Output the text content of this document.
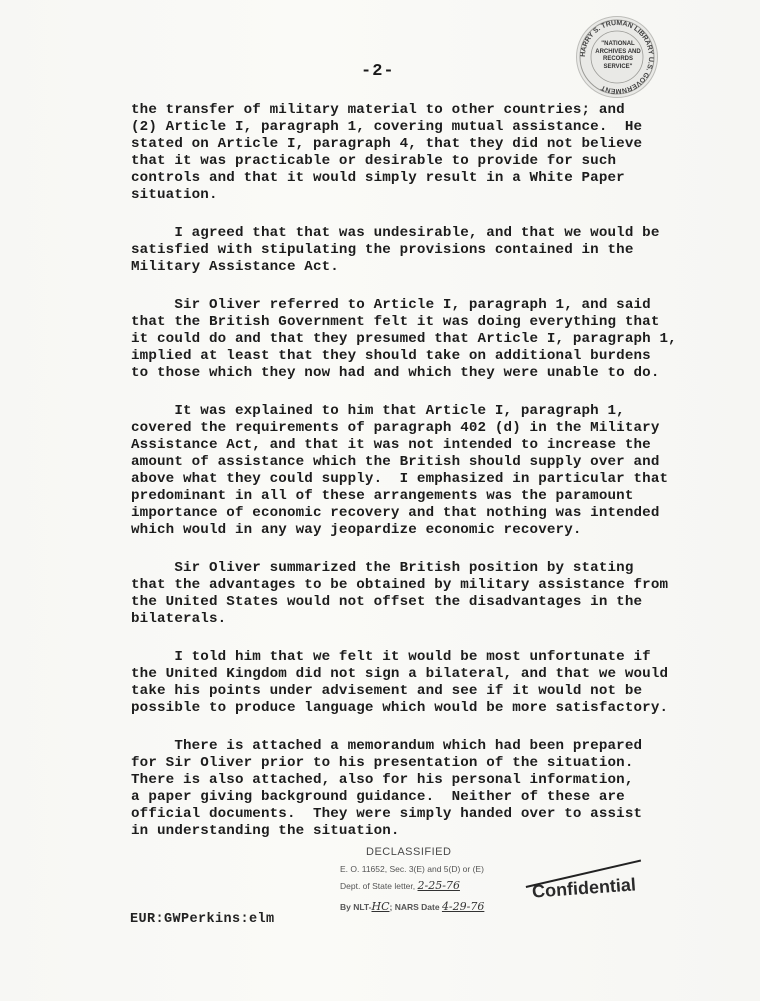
HARRY S. TRUMAN LIBRARY U.S. GOVERNMENT
"NATIONAL
ARCHIVES AND
RECORDS
SERVICE"
-2-
the transfer of military material to other countries; and
(2) Article I, paragraph 1, covering mutual assistance.  He
stated on Article I, paragraph 4, that they did not believe
that it was practicable or desirable to provide for such
controls and that it would simply result in a White Paper
situation.
I agreed that that was undesirable, and that we would be
satisfied with stipulating the provisions contained in the
Military Assistance Act.
Sir Oliver referred to Article I, paragraph 1, and said
that the British Government felt it was doing everything that
it could do and that they presumed that Article I, paragraph 1,
implied at least that they should take on additional burdens
to those which they now had and which they were unable to do.
It was explained to him that Article I, paragraph 1,
covered the requirements of paragraph 402 (d) in the Military
Assistance Act, and that it was not intended to increase the
amount of assistance which the British should supply over and
above what they could supply.  I emphasized in particular that
predominant in all of these arrangements was the paramount
importance of economic recovery and that nothing was intended
which would in any way jeopardize economic recovery.
Sir Oliver summarized the British position by stating
that the advantages to be obtained by military assistance from
the United States would not offset the disadvantages in the
bilaterals.
I told him that we felt it would be most unfortunate if
the United Kingdom did not sign a bilateral, and that we would
take his points under advisement and see if it would not be
possible to produce language which would be more satisfactory.
There is attached a memorandum which had been prepared
for Sir Oliver prior to his presentation of the situation.
There is also attached, also for his personal information,
a paper giving background guidance.  Neither of these are
official documents.  They were simply handed over to assist
in understanding the situation.
DECLASSIFIED
E. O. 11652, Sec. 3(E) and 5(D) or (E)
Dept. of State letter, 2-25-76
By NLT-HC; NARS Date 4-29-76
EUR:GWPerkins:elm
Confidential
